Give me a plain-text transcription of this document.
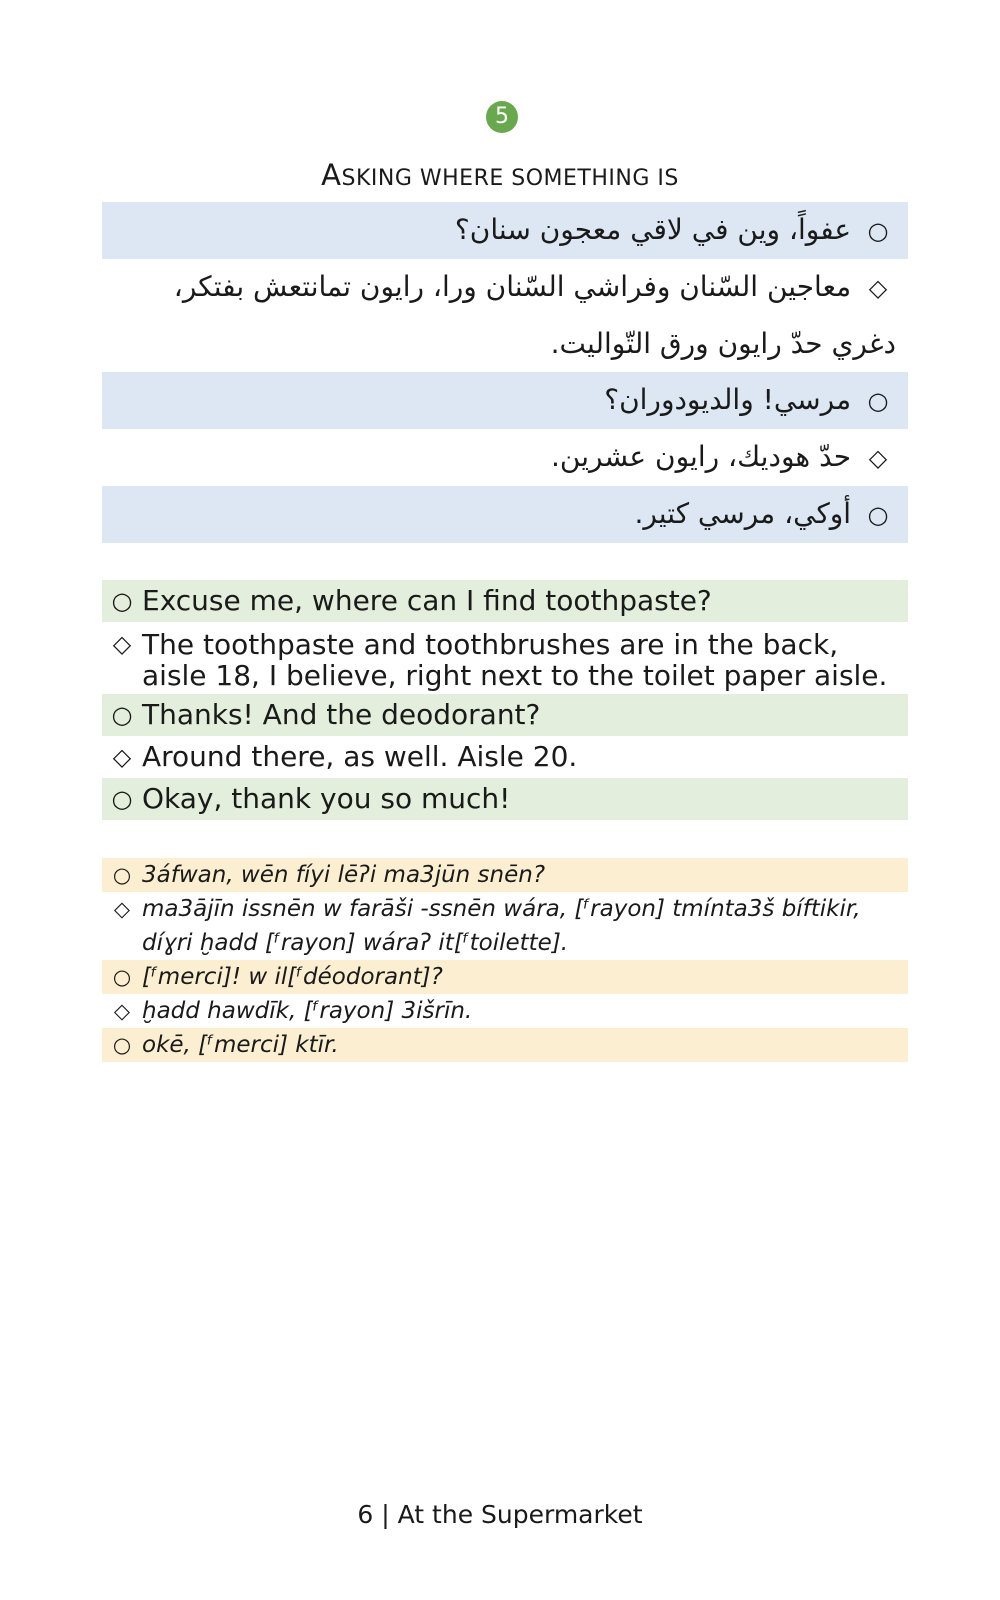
5
ASKING WHERE SOMETHING IS
○ عفواً، وين في لاقي معجون سنان؟
◇ معاجين السّنان وفراشي السّنان ورا، رايون تمانتعش بفتكر، دغري حدّ رايون ورق التّواليت.
○ مرسي! والديودوران؟
◇ حدّ هودیك، رايون عشرين.
○ أوكي، مرسي كتير.
○ Excuse me, where can I find toothpaste?
◇ The toothpaste and toothbrushes are in the back,
aisle 18, I believe, right next to the toilet paper aisle.
○ Thanks! And the deodorant?
◇ Around there, as well. Aisle 20.
○ Okay, thank you so much!
○ 3áfwan, wēn fíyi lēʔi ma3jūn snēn?
◇ ma3ājīn issnēn w farāši -ssnēn wára, [ᶠrayon] tmínta3š bíftikir,
díɣri ḫadd [ᶠrayon] wáraʔ it[ᶠtoilette].
○ [ᶠmerci]! w il[ᶠdéodorant]?
◇ ḫadd hawdīk, [ᶠrayon] 3išrīn.
○ okē, [ᶠmerci] ktīr.
6 | At the Supermarket
